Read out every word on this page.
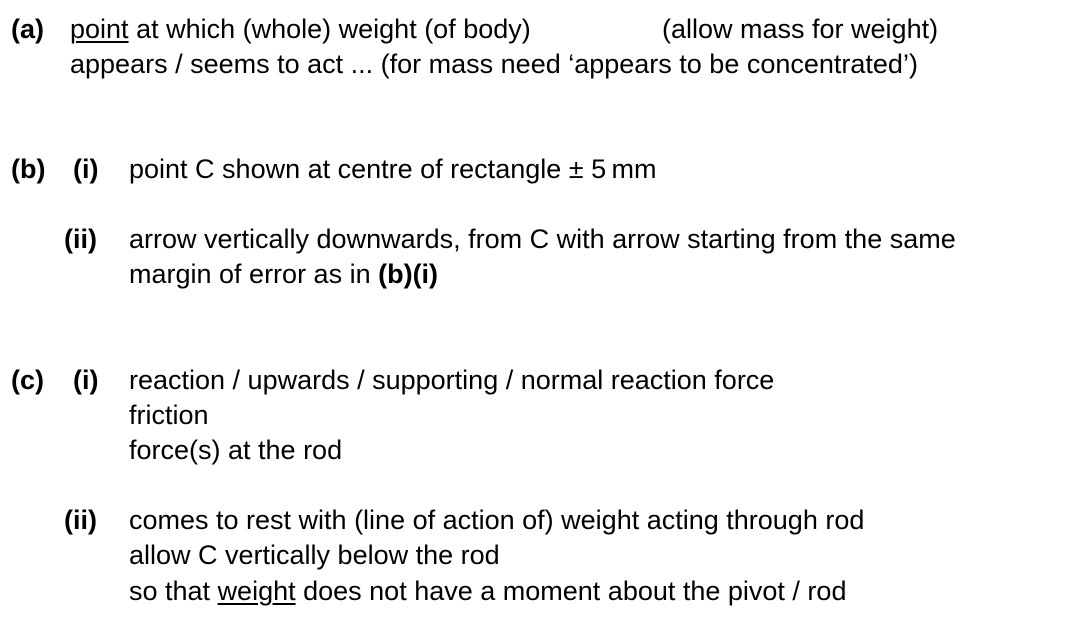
(a) point at which (whole) weight (of body)	(allow mass for weight)
appears / seems to act ... (for mass need ‘appears to be concentrated’)
(b) (i) point C shown at centre of rectangle ± 5 mm
(ii) arrow vertically downwards, from C with arrow starting from the same
margin of error as in (b)(i)
(c) (i) reaction / upwards / supporting / normal reaction force
friction
force(s) at the rod
(ii) comes to rest with (line of action of) weight acting through rod
allow C vertically below the rod
so that weight does not have a moment about the pivot / rod
